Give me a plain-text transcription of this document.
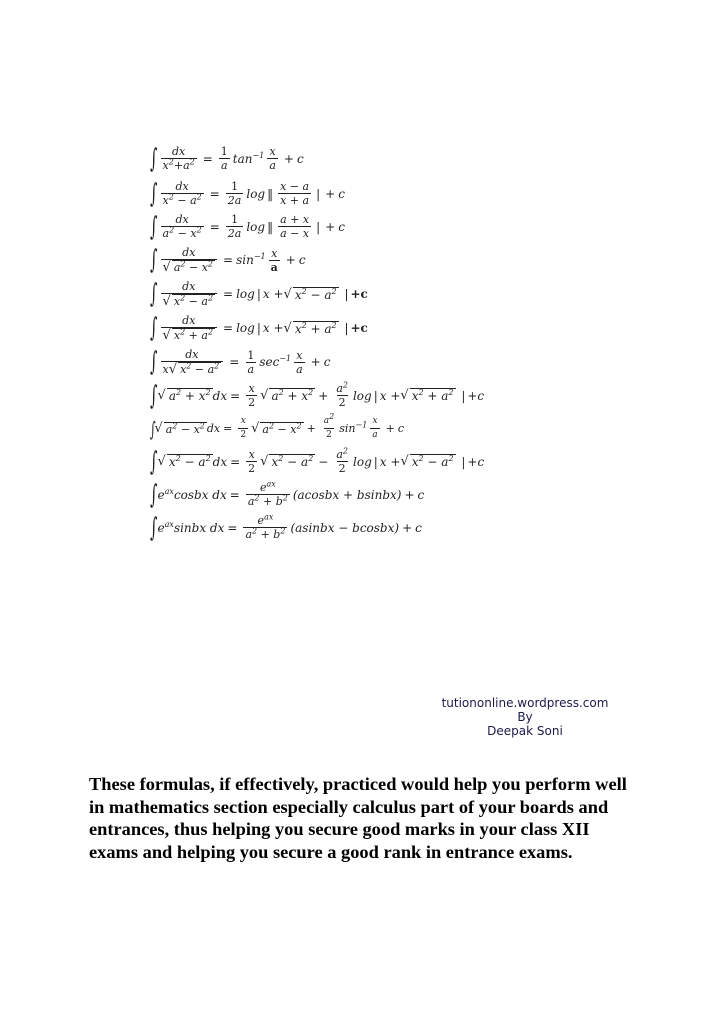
∫ $\frac{dx}{x^2+a^2} = \frac{1}{a} \tan^{-1} \frac{x}{a} + c$
∫ $\frac{dx}{x^2 - a^2} = \frac{1}{2a}$ log ‖ $\frac{x - a}{x + a}$ | + c
∫ $\frac{dx}{a^2 - x^2} = \frac{1}{2a}$ log ‖ $\frac{a + x}{a - x}$ | + c
∫ $\frac{dx}{√ a^2 - x^2} = \sin^{-1} \frac{x}{a} + c$
∫ $\frac{dx}{√ x^2 - a^2} = \log$ | x + √ $x^2 - a^2$ | +c
∫ $\frac{dx}{√ x^2 + a^2} = \log$ | x + √ $x^2 + a^2$ | +c
∫ $\frac{dx}{x√ x^2 - a^2} = \frac{1}{a} \sec^{-1} \frac{x}{a} + c$
∫ √ $a^2 + x^2$ dx = $\frac{x}{2}$ √ $a^2 + x^2 + \frac{a^2}{2}$ log | x + √ $x^2 + a^2$ | +c
∫
√ $a^2 - x^2$ dx = $\frac{x}{2}$ √ $a^2 - x^2 + \frac{a^2}{2} \sin^{-1} \frac{x}{a} + c$
∫ √ $x^2 - a^2$ dx = $\frac{x}{2}$ √ $x^2 - a^2 - \frac{a^2}{2}$ log | x + √ $x^2 - a^2$ | +c
∫ $e^{ax}cosbx$ dx = $\frac{e^{ax}}{a^2 + b^2}$ (acosbx + bsinbx) + c
∫ $e^{ax}sinbx$ dx = $\frac{e^{ax}}{a^2 + b^2}$ (asinbx − bcosbx) + c
tutiononline.wordpress.com
By
Deepak Soni
These formulas, if effectively, practiced would help you perform well in mathematics section especially calculus part of your boards and entrances, thus helping you secure good marks in your class XII exams and helping you secure a good rank in entrance exams.
